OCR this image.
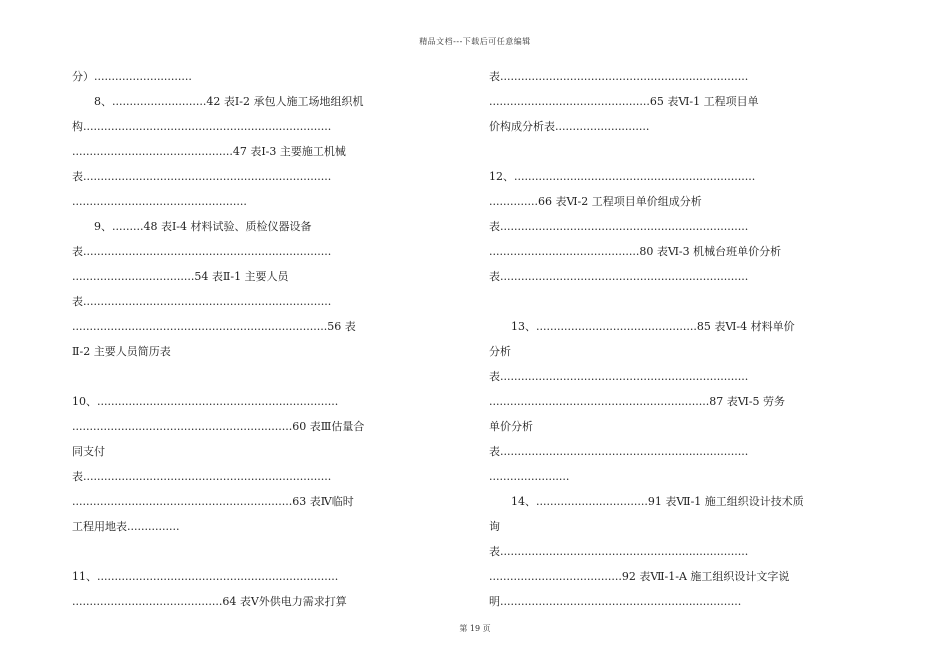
精品文档---下载后可任意编辑
分）............................
8、...........................42 表Ⅰ-2 承包人施工场地组织机
构.......................................................................
..............................................47 表Ⅰ-3 主要施工机械
表.......................................................................
..................................................
9、.........48 表Ⅰ-4 材料试验、质检仪器设备
表.......................................................................
...................................54 表Ⅱ-1 主要人员
表.......................................................................
.........................................................................56 表
Ⅱ-2 主要人员简历表
10、.....................................................................
...............................................................60 表Ⅲ估量合
同支付
表.......................................................................
...............................................................63 表Ⅳ临时
工程用地表...............
11、.....................................................................
...........................................64 表Ⅴ外供电力需求打算
表.......................................................................
..............................................65 表Ⅵ-1 工程项目单
价构成分析表...........................
12、.....................................................................
..............66 表Ⅵ-2 工程项目单价组成分析
表.......................................................................
...........................................80 表Ⅵ-3 机械台班单价分析
表.......................................................................
13、..............................................85 表Ⅵ-4 材料单价
分析
表.......................................................................
...............................................................87 表Ⅵ-5 劳务
单价分析
表.......................................................................
.......................
14、................................91 表Ⅶ-1 施工组织设计技术质
询
表.......................................................................
......................................92 表Ⅶ-1-A 施工组织设计文字说
明.....................................................................
第 19 页
